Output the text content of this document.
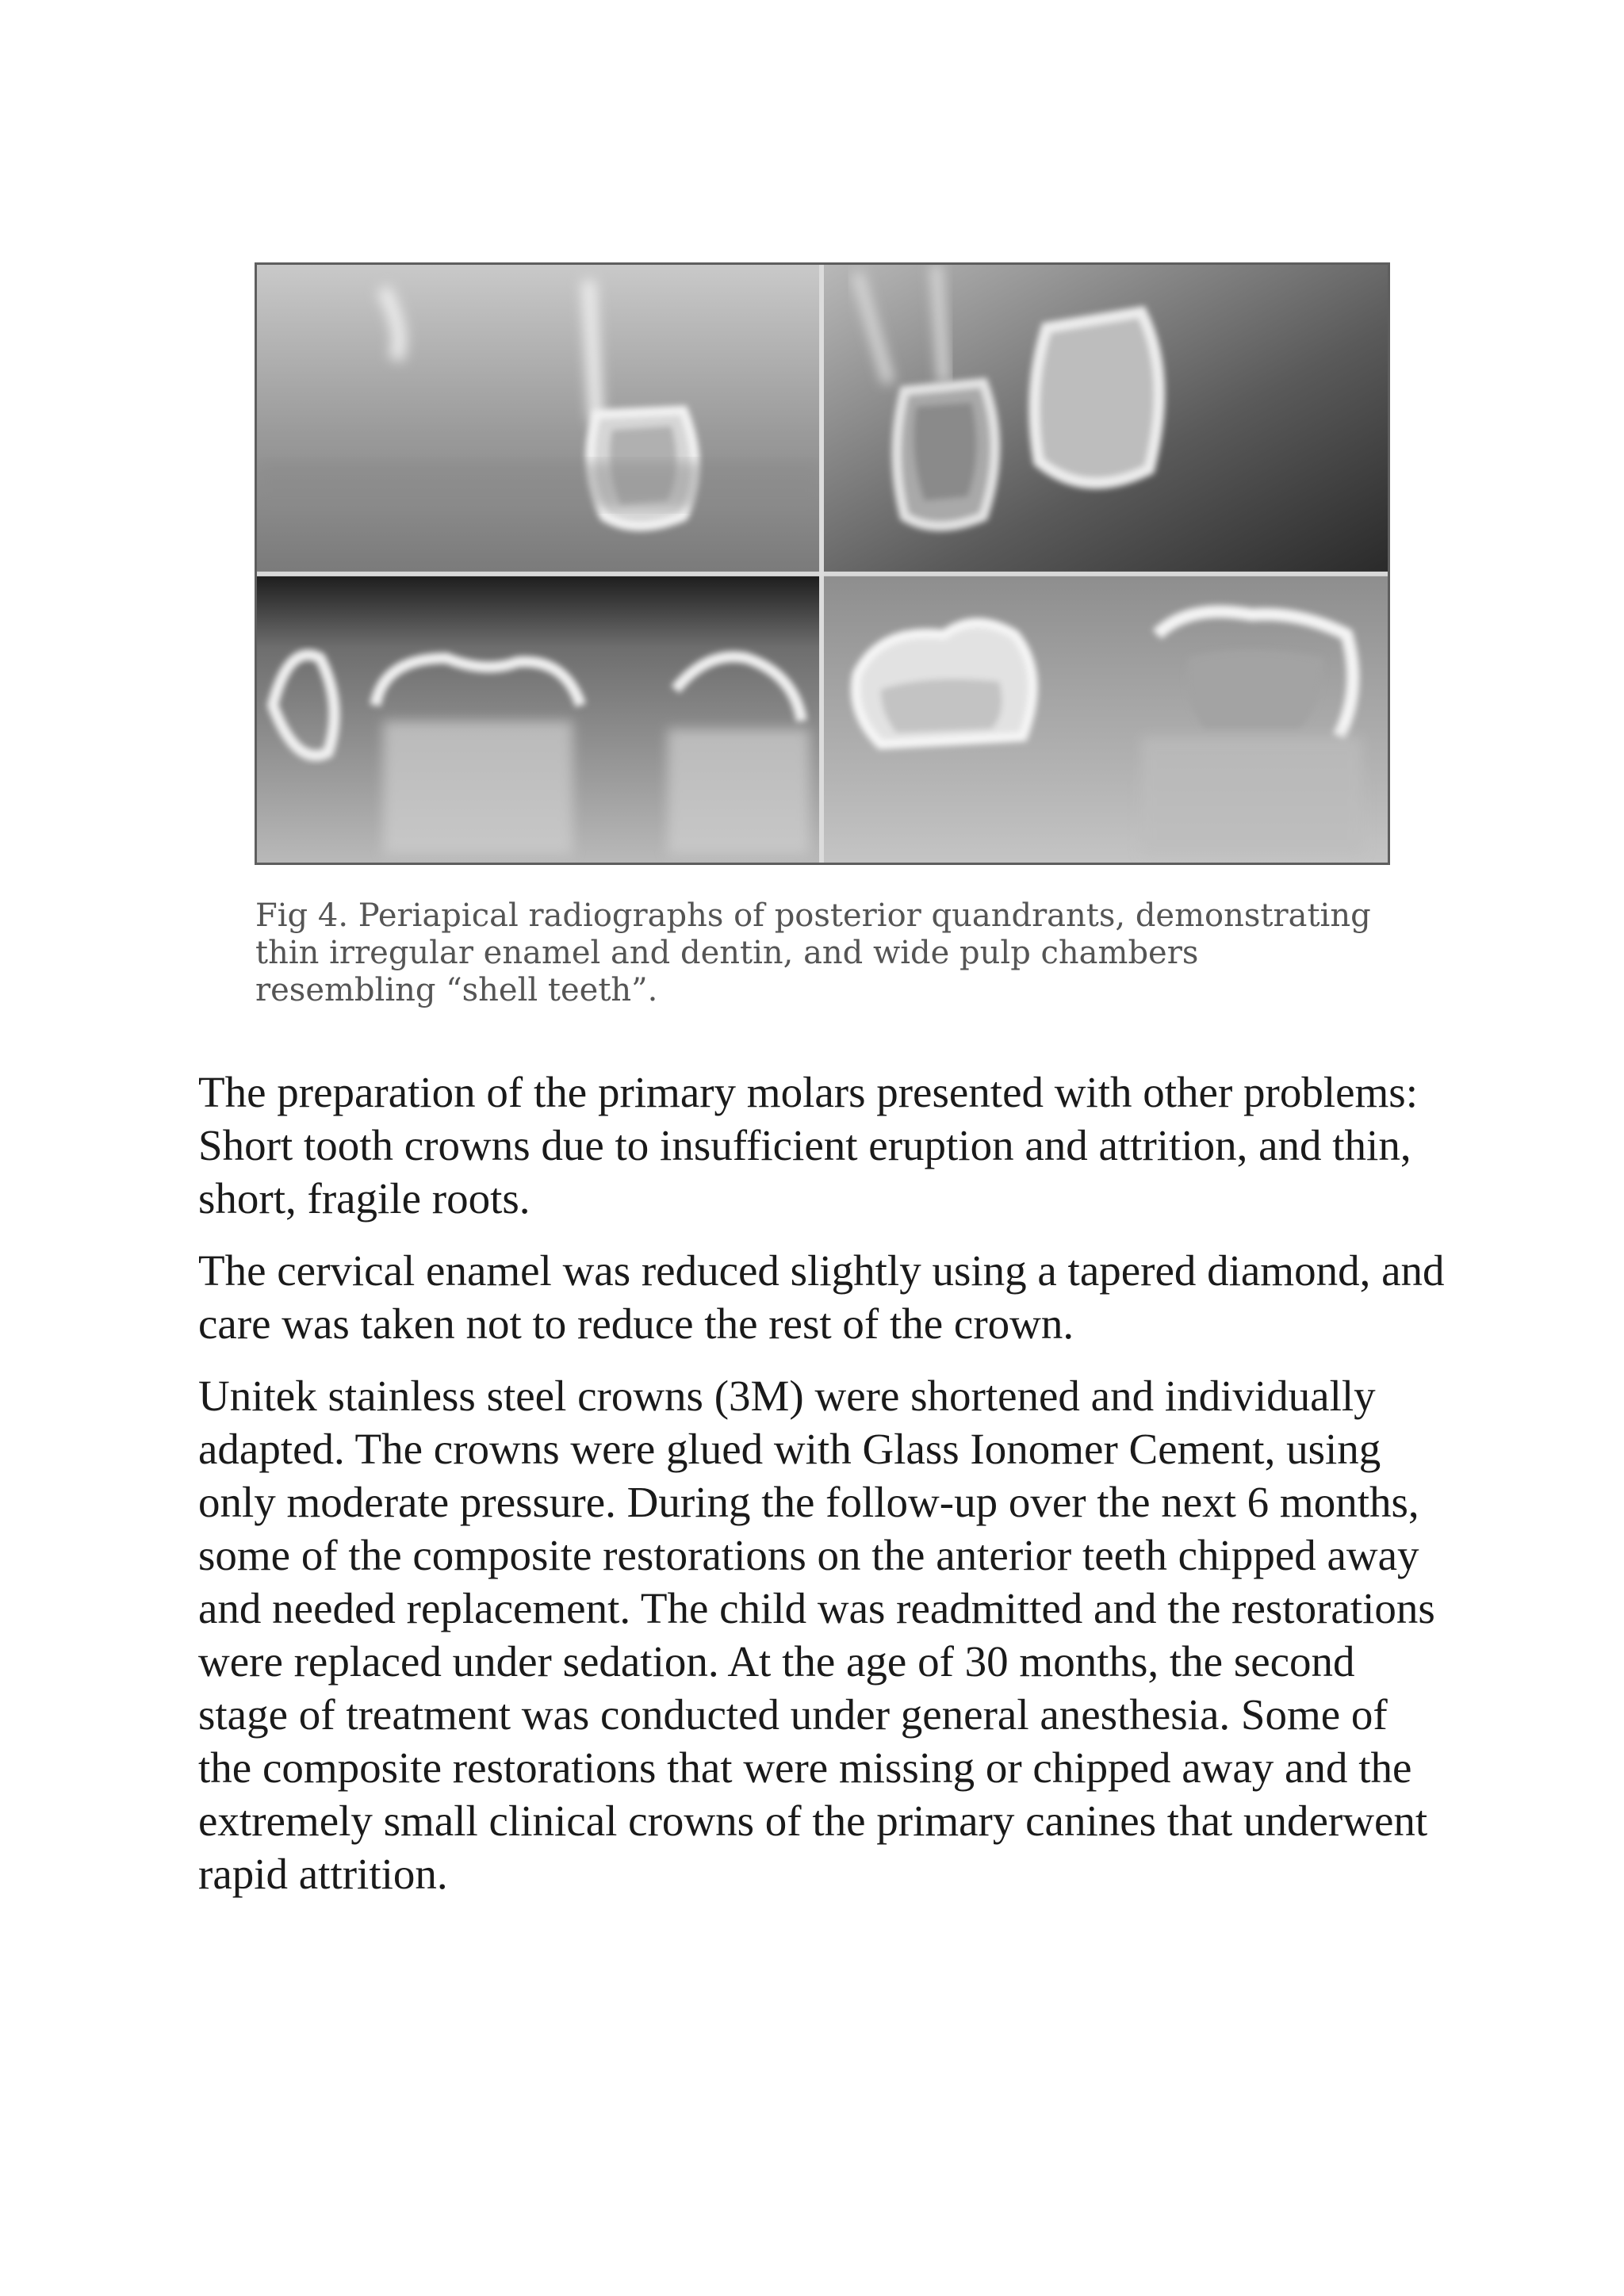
Fig 4. Periapical radiographs of posterior quandrants, demonstrating thin irregular enamel and dentin, and wide pulp chambers resembling “shell teeth”.

The preparation of the primary molars presented with other problems: Short tooth crowns due to insufficient eruption and attrition, and thin, short, fragile roots.

The cervical enamel was reduced slightly using a tapered diamond, and care was taken not to reduce the rest of the crown.

Unitek stainless steel crowns (3M) were shortened and individually adapted. The crowns were glued with Glass Ionomer Cement, using only moderate pressure. During the follow-up over the next 6 months, some of the composite restorations on the anterior teeth chipped away and needed replacement. The child was readmitted and the restorations were replaced under sedation. At the age of 30 months, the second stage of treatment was conducted under general anesthesia. Some of the composite restorations that were missing or chipped away and the extremely small clinical crowns of the primary canines that underwent rapid attrition.
